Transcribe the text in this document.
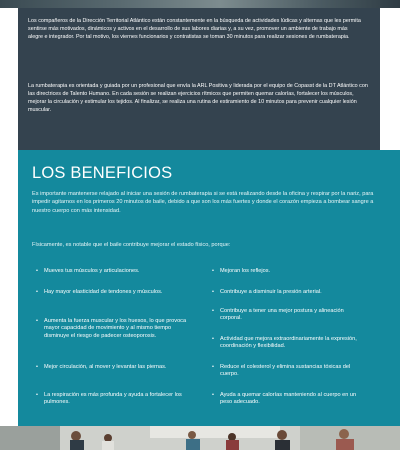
Los compañeros de la Dirección Territorial Atlántico están constantemente en la búsqueda de actividades lúdicas y alternas que les permita sentirse más motivados, dinámicos y activos en el desarrollo de sus labores diarias y, a su vez, promover un ambiente de trabajo más alegre e integrador. Por tal motivo, los viernes funcionarios y contratistas se toman 30 minutos para realizar sesiones de rumbaterapia.

La rumbaterapia es orientada y guiada por un profesional que envía la ARL Positiva y liderada por el equipo de Copasst de la DT Atlántico con las directrices de Talento Humano. En cada sesión se realizan ejercicios rítmicos que permiten quemar calorías, fortalecer los músculos, mejorar la circulación y estimular los tejidos. Al finalizar, se realiza una rutina de estiramiento de 10 minutos para prevenir cualquier lesión muscular.

LOS BENEFICIOS

Es importante mantenerse relajado al iniciar una sesión de rumbaterapia si se está realizando desde la oficina y respirar por la nariz, para impedir agitarnos en los primeros 20 minutos de baile, debido a que son los más fuertes y donde el corazón empieza a bombear sangre a nuestro cuerpo con más intensidad.

Físicamente, es notable que el baile contribuye mejorar el estado físico, porque:

•	Mueves tus músculos y articulaciones.
•	Hay mayor elasticidad de tendones y músculos.
•	Aumenta la fuerza muscular y los huesos, lo que provoca mayor capacidad de movimiento y al mismo tiempo disminuye el riesgo de padecer osteoporosis.
•	Mejor circulación, al mover y levantar las piernas.
•	La respiración es más profunda y ayuda a fortalecer los pulmones.
•	Mejoran los reflejos.
•	Contribuye a disminuir la presión arterial.
•	Contribuye a tener una mejor postura y alineación corporal.
•	Actividad que mejora extraordinariamente la expresión, coordinación y flexibilidad.
•	Reduce el colesterol y elimina sustancias tóxicas del cuerpo.
•	Ayuda a quemar calorías manteniendo al cuerpo en un peso adecuado.
